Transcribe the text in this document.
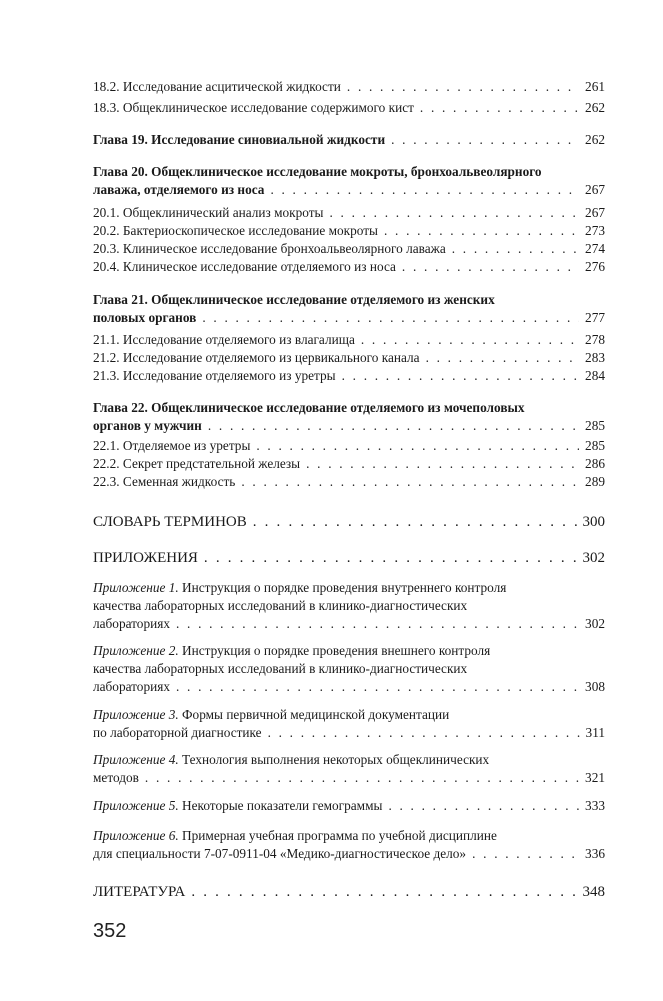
18.2. Исследование асцитической жидкости . . .	261
18.3. Общеклиническое исследование содержимого кист . . .	262
Глава 19. Исследование синовиальной жидкости . . .	262
Глава 20. Общеклиническое исследование мокроты, бронхоальвеолярного
лаважа, отделяемого из носа . . .	267
20.1. Общеклинический анализ мокроты . . .	267
20.2. Бактериоскопическое исследование мокроты . . .	273
20.3. Клиническое исследование бронхоальвеолярного лаважа . . .	274
20.4. Клиническое исследование отделяемого из носа . . .	276
Глава 21. Общеклиническое исследование отделяемого из женских
половых органов . . .	277
21.1. Исследование отделяемого из влагалища . . .	278
21.2. Исследование отделяемого из цервикального канала . . .	283
21.3. Исследование отделяемого из уретры . . .	284
Глава 22. Общеклиническое исследование отделяемого из мочеполовых
органов у мужчин . . .	285
22.1. Отделяемое из уретры . . .	285
22.2. Секрет предстательной железы . . .	286
22.3. Семенная жидкость . . .	289
СЛОВАРЬ ТЕРМИНОВ . . .	300
ПРИЛОЖЕНИЯ . . .	302
Приложение 1. Инструкция о порядке проведения внутреннего контроля
качества лабораторных исследований в клинико-диагностических
лабораториях . . .	302
Приложение 2. Инструкция о порядке проведения внешнего контроля
качества лабораторных исследований в клинико-диагностических
лабораториях . . .	308
Приложение 3. Формы первичной медицинской документации
по лабораторной диагностике . . .	311
Приложение 4. Технология выполнения некоторых общеклинических
методов . . .	321
Приложение 5. Некоторые показатели гемограммы . . .	333
Приложение 6. Примерная учебная программа по учебной дисциплине
для специальности 7-07-0911-04 «Медико-диагностическое дело» . . .	336
ЛИТЕРАТУРА . . .	348
352
